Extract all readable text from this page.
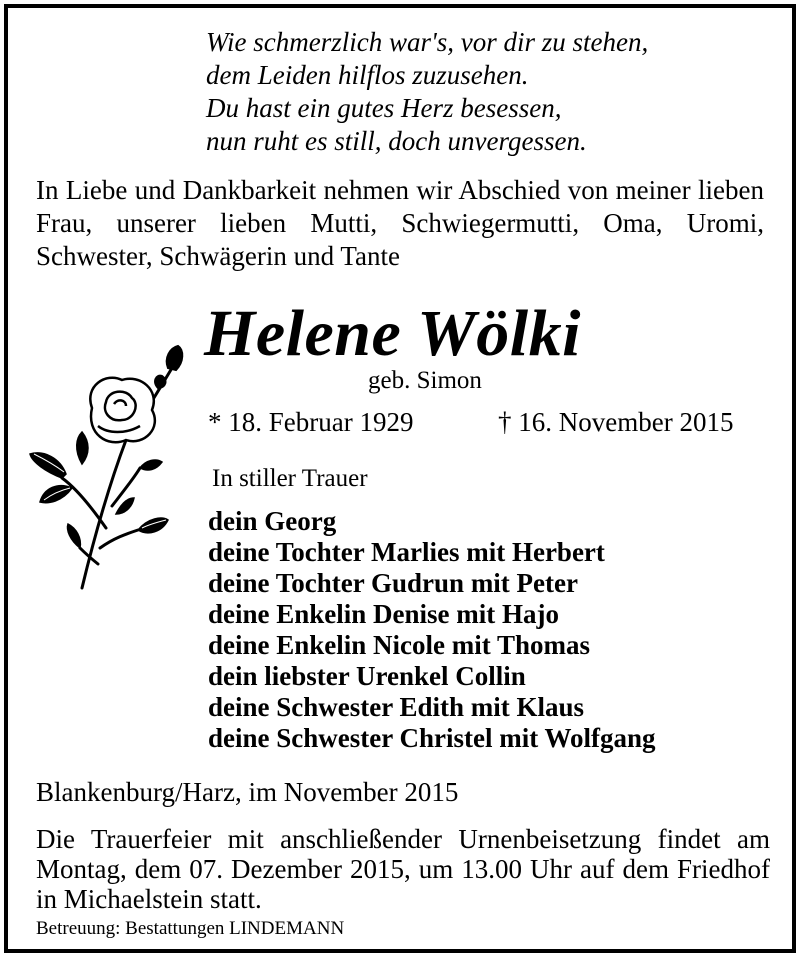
Wie schmerzlich war's, vor dir zu stehen,
dem Leiden hilflos zuzusehen.
Du hast ein gutes Herz besessen,
nun ruht es still, doch unvergessen.
In Liebe und Dankbarkeit nehmen wir Abschied von meiner lieben Frau, unserer lieben Mutti, Schwiegermutti, Oma, Uromi, Schwester, Schwägerin und Tante
Helene Wölki
geb. Simon
* 18. Februar 1929	† 16. November 2015
In stiller Trauer
dein Georg
deine Tochter Marlies mit Herbert
deine Tochter Gudrun mit Peter
deine Enkelin Denise mit Hajo
deine Enkelin Nicole mit Thomas
dein liebster Urenkel Collin
deine Schwester Edith mit Klaus
deine Schwester Christel mit Wolfgang
Blankenburg/Harz, im November 2015
Die Trauerfeier mit anschließender Urnenbeisetzung findet am Montag, dem 07. Dezember 2015, um 13.00 Uhr auf dem Friedhof in Michaelstein statt.
Betreuung: Bestattungen LINDEMANN
